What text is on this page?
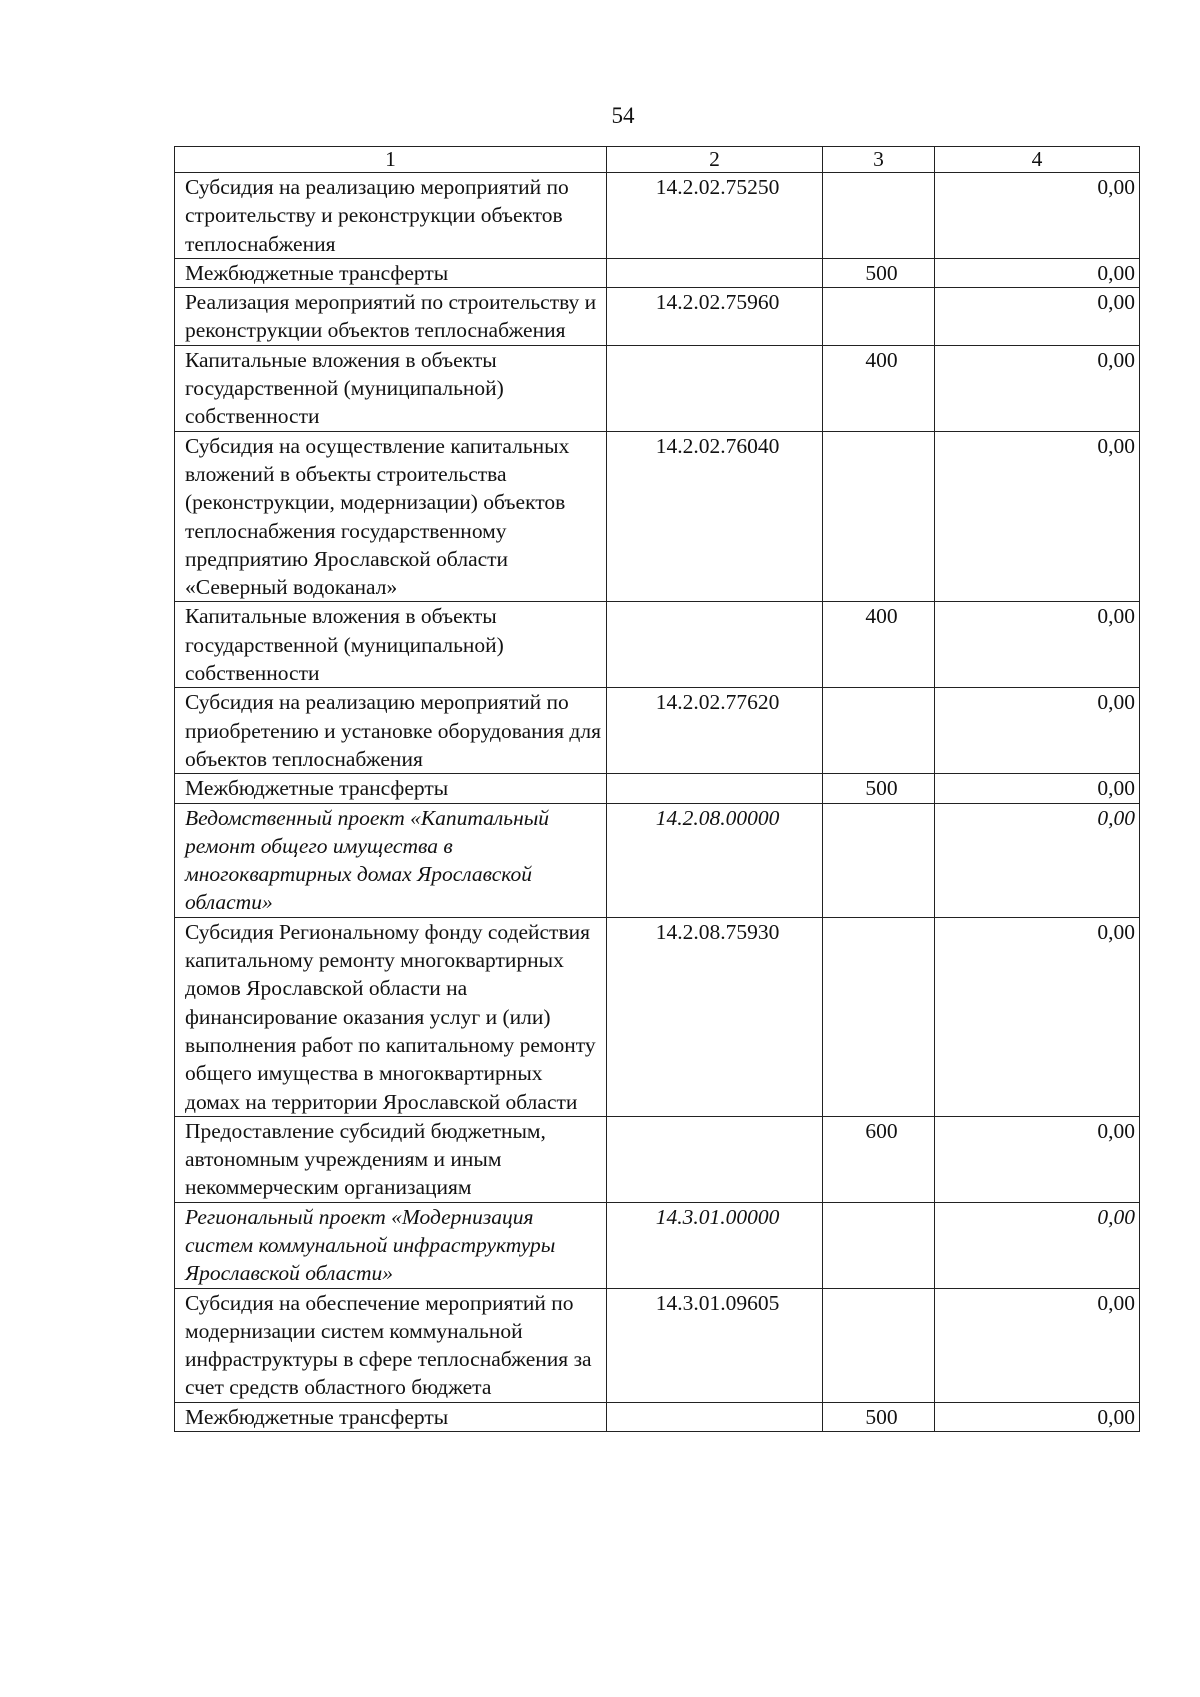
54
1	2	3	4
Субсидия на реализацию мероприятий по строительству и реконструкции объектов теплоснабжения	14.2.02.75250		0,00
Межбюджетные трансферты		500	0,00
Реализация мероприятий по строительству и реконструкции объектов теплоснабжения	14.2.02.75960		0,00
Капитальные вложения в объекты государственной (муниципальной) собственности		400	0,00
Субсидия на осуществление капитальных вложений в объекты строительства (реконструкции, модернизации) объектов теплоснабжения государственному предприятию Ярославской области «Северный водоканал»	14.2.02.76040		0,00
Капитальные вложения в объекты государственной (муниципальной) собственности		400	0,00
Субсидия на реализацию мероприятий по приобретению и установке оборудования для объектов теплоснабжения	14.2.02.77620		0,00
Межбюджетные трансферты		500	0,00
Ведомственный проект «Капитальный ремонт общего имущества в многоквартирных домах Ярославской области»	14.2.08.00000		0,00
Субсидия Региональному фонду содействия капитальному ремонту многоквартирных домов Ярославской области на финансирование оказания услуг и (или) выполнения работ по капитальному ремонту общего имущества в многоквартирных домах на территории Ярославской области	14.2.08.75930		0,00
Предоставление субсидий бюджетным, автономным учреждениям и иным некоммерческим организациям		600	0,00
Региональный проект «Модернизация систем коммунальной инфраструктуры Ярославской области»	14.3.01.00000		0,00
Субсидия на обеспечение мероприятий по модернизации систем коммунальной инфраструктуры в сфере теплоснабжения за счет средств областного бюджета	14.3.01.09605		0,00
Межбюджетные трансферты		500	0,00
